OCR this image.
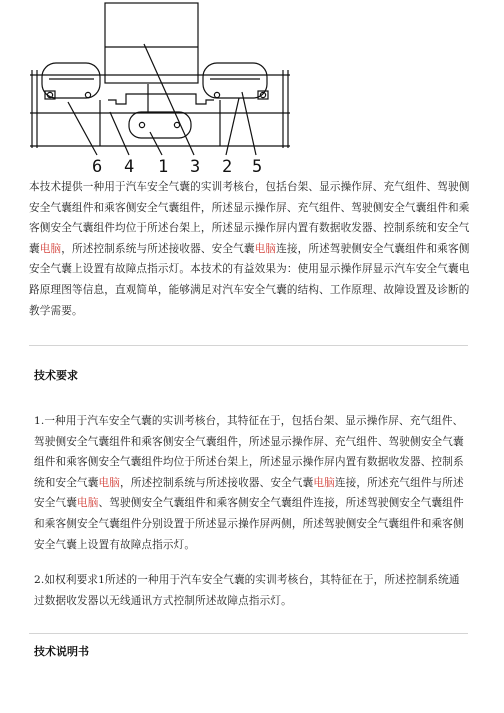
6 4 1 3 2 5
本技术提供一种用于汽车安全气囊的实训考核台，包括台架、显示操作屏、充气组件、驾驶侧安全气囊组件和乘客侧安全气囊组件，所述显示操作屏、充气组件、驾驶侧安全气囊组件和乘客侧安全气囊组件均位于所述台架上，所述显示操作屏内置有数据收发器、控制系统和安全气囊电脑，所述控制系统与所述接收器、安全气囊电脑连接，所述驾驶侧安全气囊组件和乘客侧安全气囊上设置有故障点指示灯。本技术的有益效果为：使用显示操作屏显示汽车安全气囊电路原理图等信息，直观简单，能够满足对汽车安全气囊的结构、工作原理、故障设置及诊断的教学需要。
技术要求
1.一种用于汽车安全气囊的实训考核台，其特征在于，包括台架、显示操作屏、充气组件、驾驶侧安全气囊组件和乘客侧安全气囊组件，所述显示操作屏、充气组件、驾驶侧安全气囊组件和乘客侧安全气囊组件均位于所述台架上，所述显示操作屏内置有数据收发器、控制系统和安全气囊电脑，所述控制系统与所述接收器、安全气囊电脑连接，所述充气组件与所述安全气囊电脑、驾驶侧安全气囊组件和乘客侧安全气囊组件连接，所述驾驶侧安全气囊组件和乘客侧安全气囊组件分别设置于所述显示操作屏两侧，所述驾驶侧安全气囊组件和乘客侧安全气囊上设置有故障点指示灯。
2.如权利要求1所述的一种用于汽车安全气囊的实训考核台，其特征在于，所述控制系统通过数据收发器以无线通讯方式控制所述故障点指示灯。
技术说明书
